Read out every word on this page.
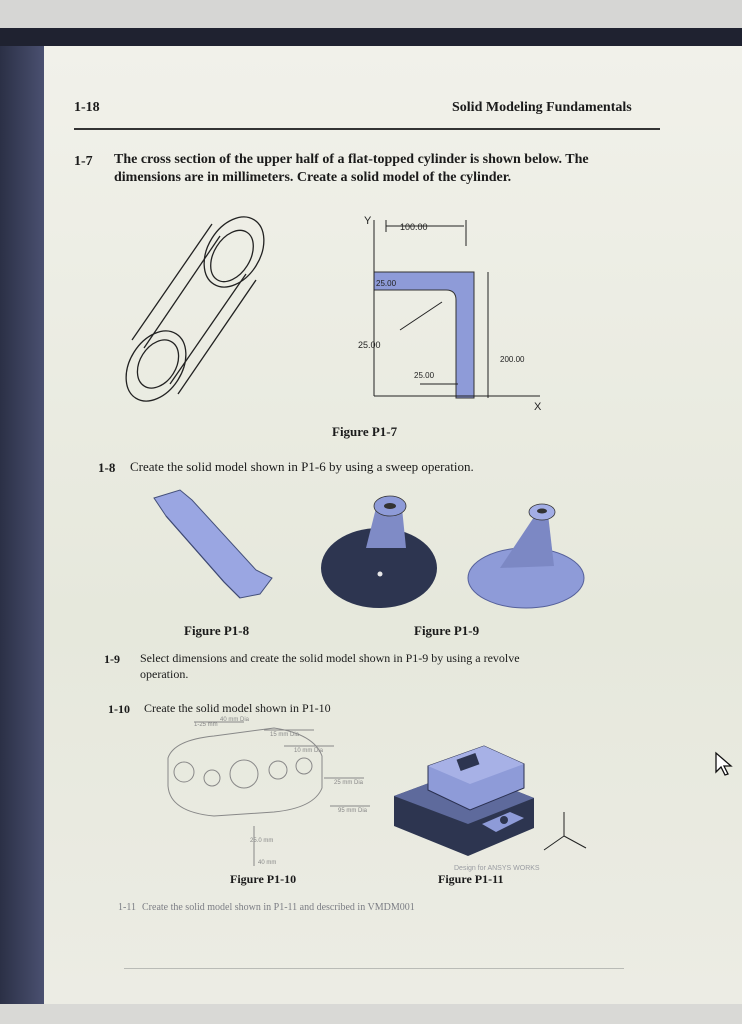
1-18	Solid Modeling Fundamentals
1-7 The cross section of the upper half of a flat-topped cylinder is shown below. The
dimensions are in millimeters. Create a solid model of the cylinder.
Y	100.00
25.00
25.00
25.00
200.00
X
Figure P1-7
1-8 Create the solid model shown in P1-6 by using a sweep operation.
Figure P1-8	Figure P1-9
1-9 Select dimensions and create the solid model shown in P1-9 by using a revolve
operation.
1-10 Create the solid model shown in P1-10
1-25 mm
40 mm Dia
15 mm Dia
10 mm Dia
25 mm Dia
95 mm Dia
25.0 mm
40 mm
Design for ANSYS WORKS
Figure P1-10	Figure P1-11
1-11 Create the solid model shown in P1-11 and described in VMDM001
